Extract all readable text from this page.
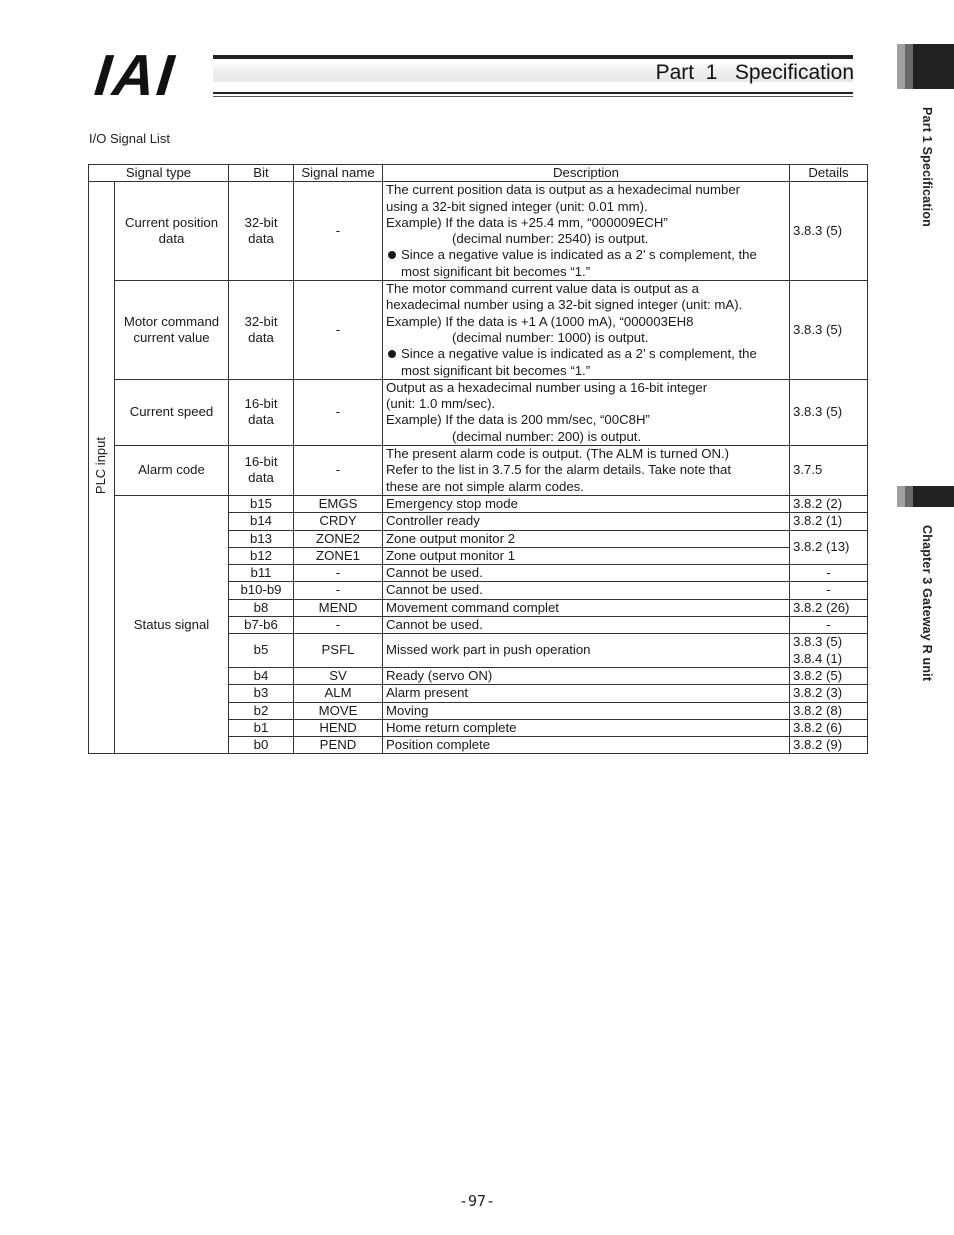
IAI	Part  1   Specification
Part 1 Specification
Chapter 3 Gateway R unit
I/O Signal List
Signal type		Bit	Signal name	Description	Details
PLC input	Current position data	32-bit data	-	The current position data is output as a hexadecimal number
using a 32-bit signed integer (unit: 0.01 mm).
Example) If the data is +25.4 mm, “000009ECH”
(decimal number: 2540) is output.
Since a negative value is indicated as a 2’ s complement, the most significant bit becomes “1.”	3.8.3 (5)
	Motor command current value	32-bit data	-	The motor command current value data is output as a
hexadecimal number using a 32-bit signed integer (unit: mA).
Example) If the data is +1 A (1000 mA), “000003EH8
(decimal number: 1000) is output.
Since a negative value is indicated as a 2’ s complement, the most significant bit becomes “1.”	3.8.3 (5)
	Current speed	16-bit data	-	Output as a hexadecimal number using a 16-bit integer
(unit: 1.0 mm/sec).
Example) If the data is 200 mm/sec, “00C8H”
(decimal number: 200) is output.	3.8.3 (5)
	Alarm code	16-bit data	-	The present alarm code is output. (The ALM is turned ON.)
Refer to the list in 3.7.5 for the alarm details. Take note that
these are not simple alarm codes.	3.7.5
	Status signal	b15	EMGS	Emergency stop mode	3.8.2 (2)
		b14	CRDY	Controller ready	3.8.2 (1)
		b13	ZONE2	Zone output monitor 2	3.8.2 (13)
		b12	ZONE1	Zone output monitor 1	
		b11	-	Cannot be used.	-
		b10-b9	-	Cannot be used.	-
		b8	MEND	Movement command complet	3.8.2 (26)
		b7-b6	-	Cannot be used.	-
		b5	PSFL	Missed work part in push operation	3.8.3 (5)
3.8.4 (1)

		b4	SV	Ready (servo ON)	3.8.2 (5)
		b3	ALM	Alarm present	3.8.2 (3)
		b2	MOVE	Moving	3.8.2 (8)
		b1	HEND	Home return complete	3.8.2 (6)
		b0	PEND	Position complete	3.8.2 (9)
-97-
